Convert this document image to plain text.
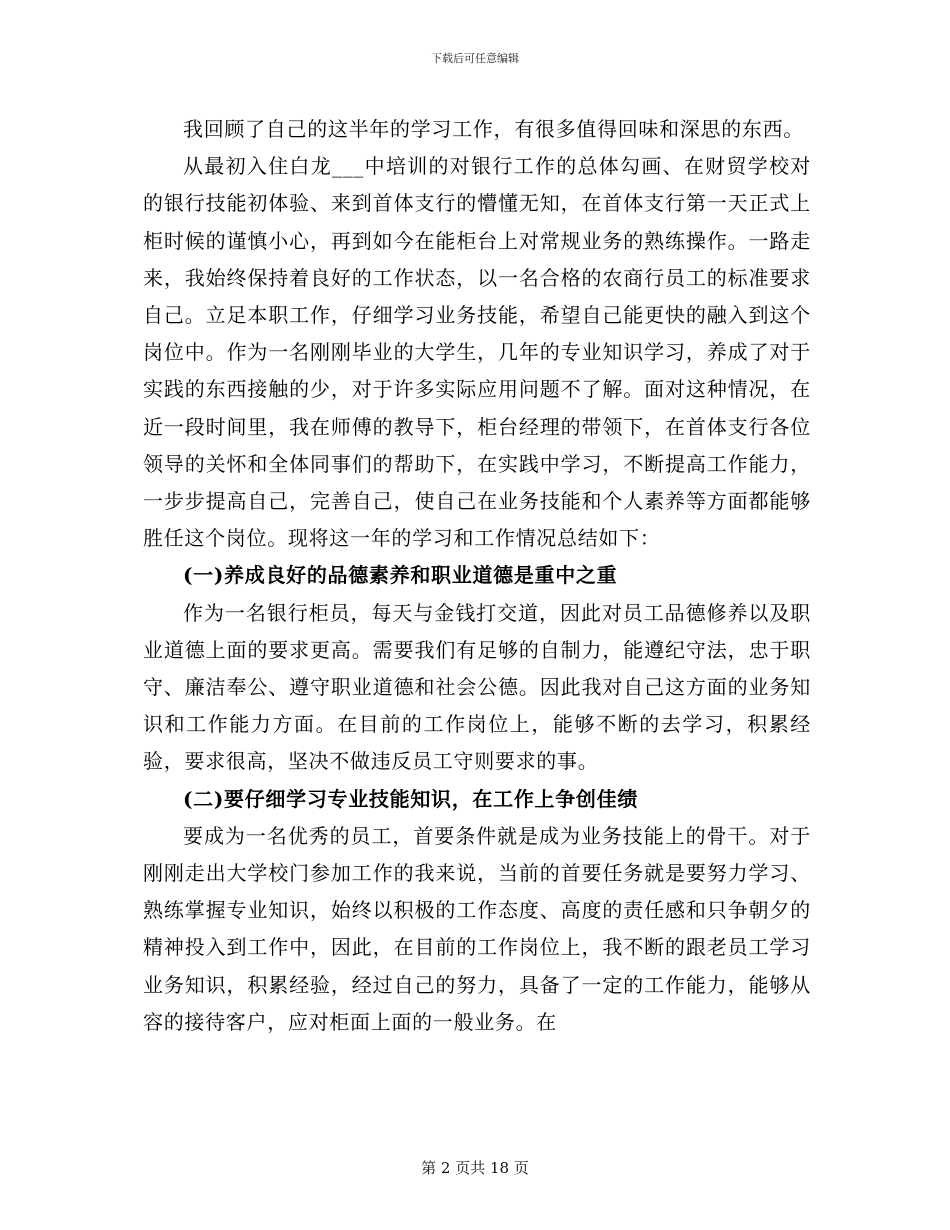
下载后可任意编辑

我回顾了自己的这半年的学习工作，有很多值得回味和深思的东西。

从最初入住白龙___中培训的对银行工作的总体勾画、在财贸学校对的银行技能初体验、来到首体支行的懵懂无知，在首体支行第一天正式上柜时候的谨慎小心，再到如今在能柜台上对常规业务的熟练操作。一路走来，我始终保持着良好的工作状态，以一名合格的农商行员工的标准要求自己。立足本职工作，仔细学习业务技能，希望自己能更快的融入到这个岗位中。作为一名刚刚毕业的大学生，几年的专业知识学习，养成了对于实践的东西接触的少，对于许多实际应用问题不了解。面对这种情况，在近一段时间里，我在师傅的教导下，柜台经理的带领下，在首体支行各位领导的关怀和全体同事们的帮助下，在实践中学习，不断提高工作能力，一步步提高自己，完善自己，使自己在业务技能和个人素养等方面都能够胜任这个岗位。现将这一年的学习和工作情况总结如下：

(一)养成良好的品德素养和职业道德是重中之重

作为一名银行柜员，每天与金钱打交道，因此对员工品德修养以及职业道德上面的要求更高。需要我们有足够的自制力，能遵纪守法，忠于职守、廉洁奉公、遵守职业道德和社会公德。因此我对自己这方面的业务知识和工作能力方面。在目前的工作岗位上，能够不断的去学习，积累经验，要求很高，坚决不做违反员工守则要求的事。

(二)要仔细学习专业技能知识，在工作上争创佳绩

要成为一名优秀的员工，首要条件就是成为业务技能上的骨干。对于刚刚走出大学校门参加工作的我来说，当前的首要任务就是要努力学习、熟练掌握专业知识，始终以积极的工作态度、高度的责任感和只争朝夕的精神投入到工作中，因此，在目前的工作岗位上，我不断的跟老员工学习业务知识，积累经验，经过自己的努力，具备了一定的工作能力，能够从容的接待客户，应对柜面上面的一般业务。在

第 2 页共 18 页
